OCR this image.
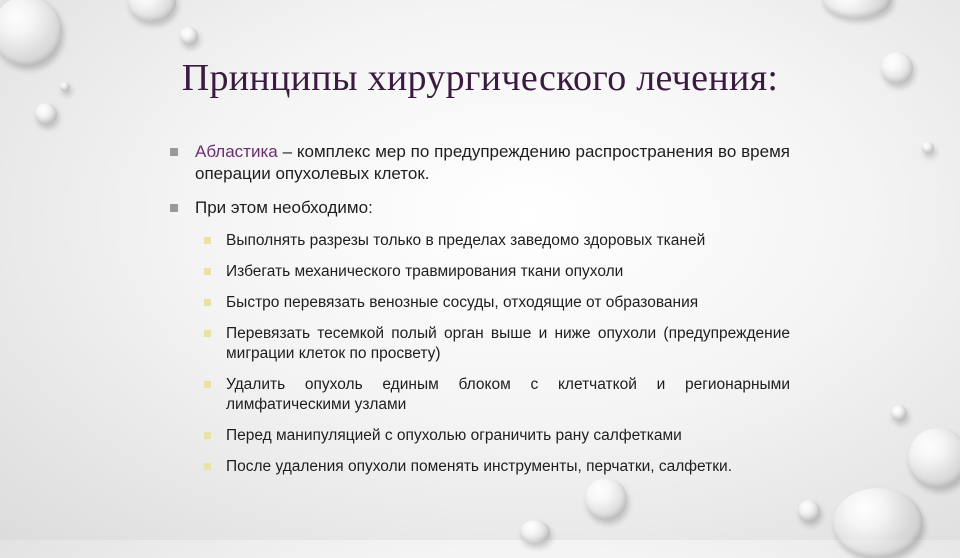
Принципы хирургического лечения:
Абластика – комплекс мер по предупреждению распространения во время операции опухолевых клеток.
При этом необходимо:
Выполнять разрезы только в пределах заведомо здоровых тканей
Избегать механического травмирования ткани опухоли
Быстро перевязать венозные сосуды, отходящие от образования
Перевязать тесемкой полый орган выше и ниже опухоли (предупреждение миграции клеток по просвету)
Удалить опухоль единым блоком с клетчаткой и регионарными лимфатическими узлами
Перед манипуляцией с опухолью ограничить рану салфетками
После удаления опухоли поменять инструменты, перчатки, салфетки.
